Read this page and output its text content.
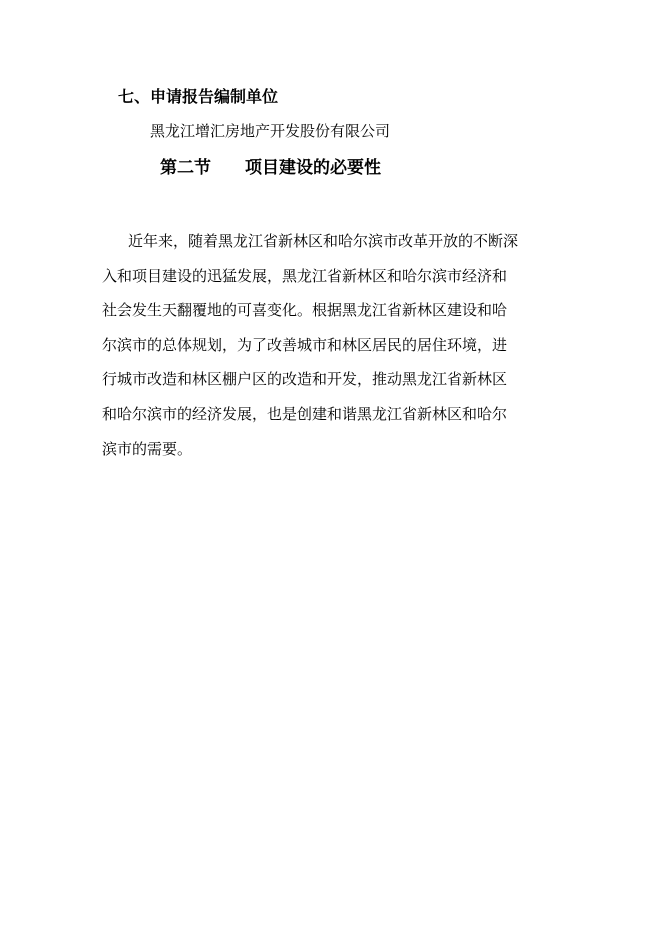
七、申请报告编制单位
黑龙江增汇房地产开发股份有限公司
第二节 项目建设的必要性
近年来，随着黑龙江省新林区和哈尔滨市改革开放的不断深
入和项目建设的迅猛发展，黑龙江省新林区和哈尔滨市经济和
社会发生天翻覆地的可喜变化。根据黑龙江省新林区建设和哈
尔滨市的总体规划，为了改善城市和林区居民的居住环境，进
行城市改造和林区棚户区的改造和开发，推动黑龙江省新林区
和哈尔滨市的经济发展，也是创建和谐黑龙江省新林区和哈尔
滨市的需要。
